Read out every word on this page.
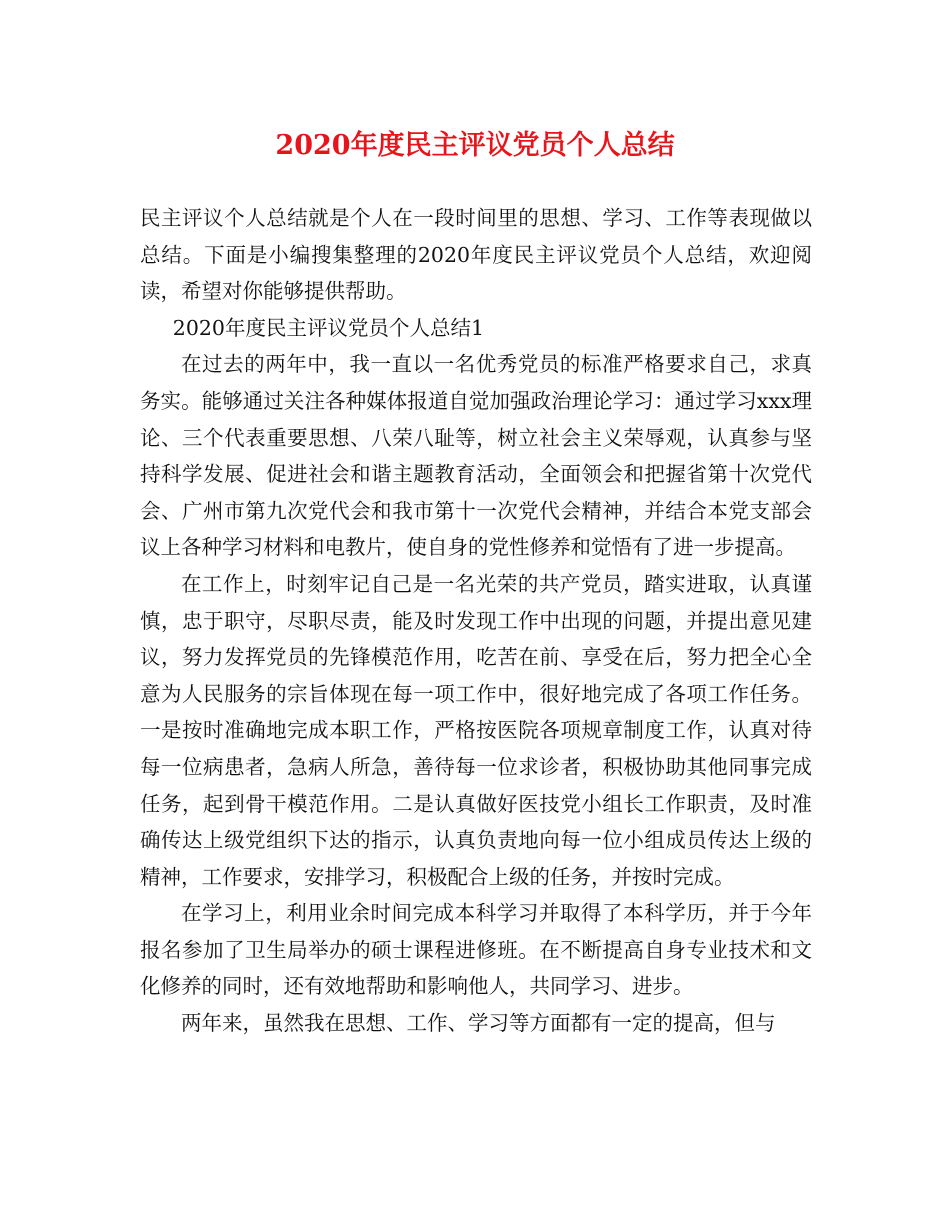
2020年度民主评议党员个人总结

民主评议个人总结就是个人在一段时间里的思想、学习、工作等表现做以总结。下面是小编搜集整理的2020年度民主评议党员个人总结，欢迎阅读，希望对你能够提供帮助。

2020年度民主评议党员个人总结1

在过去的两年中，我一直以一名优秀党员的标准严格要求自己，求真务实。能够通过关注各种媒体报道自觉加强政治理论学习：通过学习xxx理论、三个代表重要思想、八荣八耻等，树立社会主义荣辱观，认真参与坚持科学发展、促进社会和谐主题教育活动，全面领会和把握省第十次党代会、广州市第九次党代会和我市第十一次党代会精神，并结合本党支部会议上各种学习材料和电教片，使自身的党性修养和觉悟有了进一步提高。

在工作上，时刻牢记自己是一名光荣的共产党员，踏实进取，认真谨慎，忠于职守，尽职尽责，能及时发现工作中出现的问题，并提出意见建议，努力发挥党员的先锋模范作用，吃苦在前、享受在后，努力把全心全意为人民服务的宗旨体现在每一项工作中，很好地完成了各项工作任务。一是按时准确地完成本职工作，严格按医院各项规章制度工作，认真对待每一位病患者，急病人所急，善待每一位求诊者，积极协助其他同事完成任务，起到骨干模范作用。二是认真做好医技党小组长工作职责，及时准确传达上级党组织下达的指示，认真负责地向每一位小组成员传达上级的精神，工作要求，安排学习，积极配合上级的任务，并按时完成。

在学习上，利用业余时间完成本科学习并取得了本科学历，并于今年报名参加了卫生局举办的硕士课程进修班。在不断提高自身专业技术和文化修养的同时，还有效地帮助和影响他人，共同学习、进步。

两年来，虽然我在思想、工作、学习等方面都有一定的提高，但与
